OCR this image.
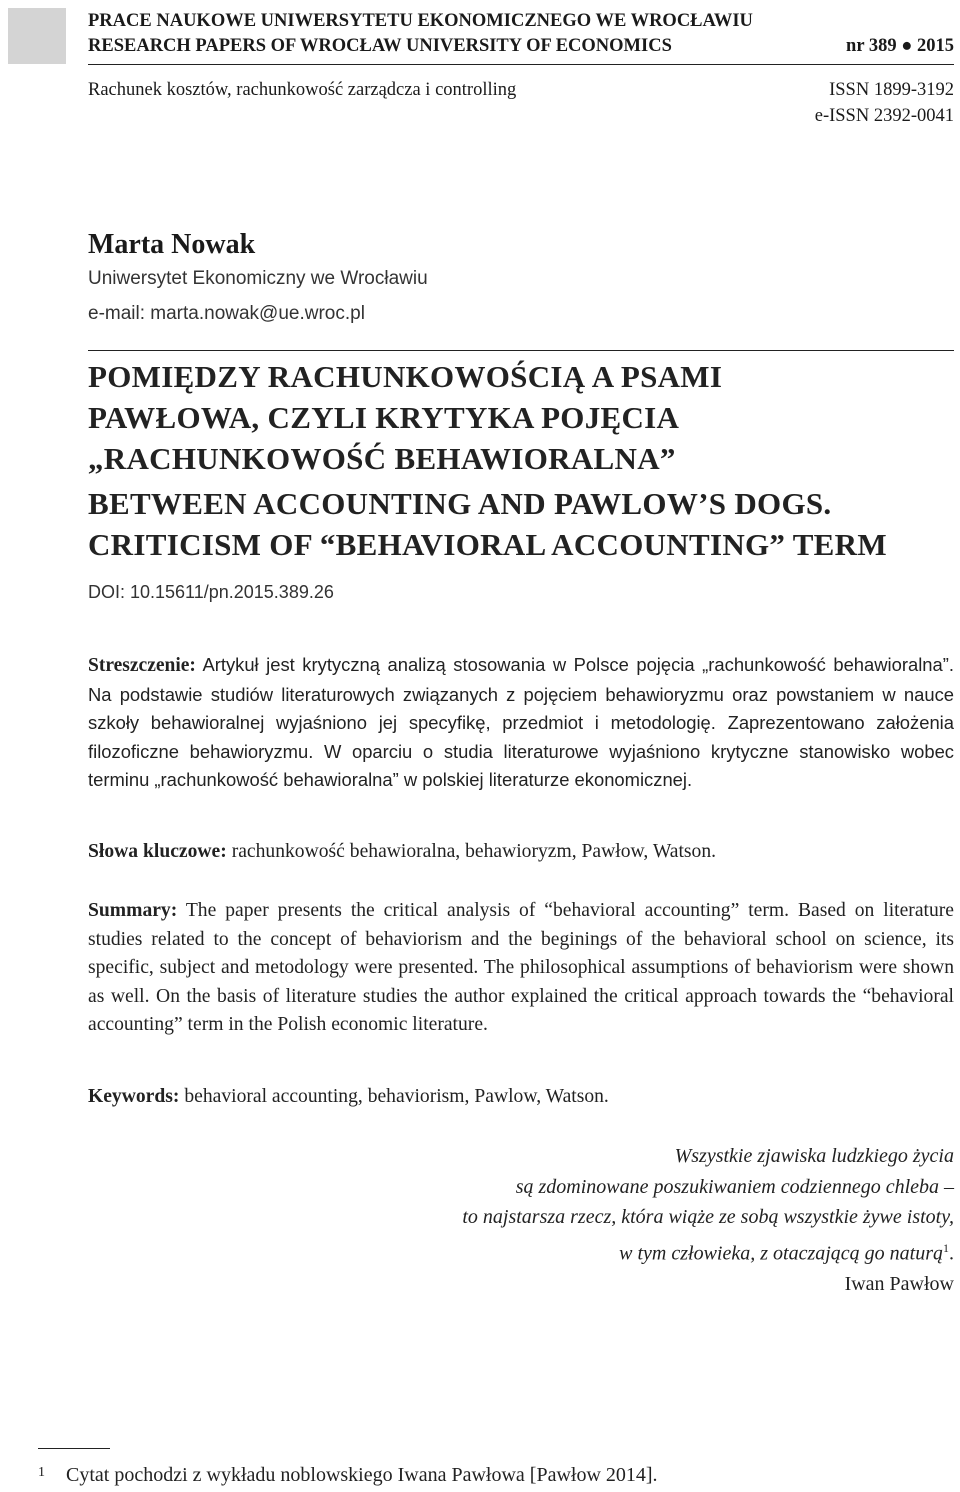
PRACE NAUKOWE UNIWERSYTETU EKONOMICZNEGO WE WROCŁAWIU
RESEARCH PAPERS OF WROCŁAW UNIVERSITY OF ECONOMICS	nr 389 ● 2015
Rachunek kosztów, rachunkowość zarządcza i controlling	ISSN 1899-3192
e-ISSN 2392-0041
Marta Nowak
Uniwersytet Ekonomiczny we Wrocławiu
e-mail: marta.nowak@ue.wroc.pl
POMIĘDZY RACHUNKOWOŚCIĄ A PSAMI
PAWŁOWA, CZYLI KRYTYKA POJĘCIA
„RACHUNKOWOŚĆ BEHAWIORALNA”
BETWEEN ACCOUNTING AND PAWLOW’S DOGS.
CRITICISM OF “BEHAVIORAL ACCOUNTING” TERM
DOI: 10.15611/pn.2015.389.26
Streszczenie: Artykuł jest krytyczną analizą stosowania w Polsce pojęcia „rachunkowość behawioralna”. Na podstawie studiów literaturowych związanych z pojęciem behawioryzmu oraz powstaniem w nauce szkoły behawioralnej wyjaśniono jej specyfikę, przedmiot i metodologię. Zaprezentowano założenia filozoficzne behawioryzmu. W oparciu o studia literaturowe wyjaśniono krytyczne stanowisko wobec terminu „rachunkowość behawioralna” w polskiej literaturze ekonomicznej.
Słowa kluczowe: rachunkowość behawioralna, behawioryzm, Pawłow, Watson.
Summary: The paper presents the critical analysis of “behavioral accounting” term. Based on literature studies related to the concept of behaviorism and the beginings of the behavioral school on science, its specific, subject and metodology were presented. The philosophical assumptions of behaviorism were shown as well. On the basis of literature studies the author explained the critical approach towards the “behavioral accounting” term in the Polish economic literature.
Keywords: behavioral accounting, behaviorism, Pawlow, Watson.
Wszystkie zjawiska ludzkiego życia
są zdominowane poszukiwaniem codziennego chleba –
to najstarsza rzecz, która wiąże ze sobą wszystkie żywe istoty,
w tym człowieka, z otaczającą go naturą$^1$.
Iwan Pawłow
1 Cytat pochodzi z wykładu noblowskiego Iwana Pawłowa [Pawłow 2014].
